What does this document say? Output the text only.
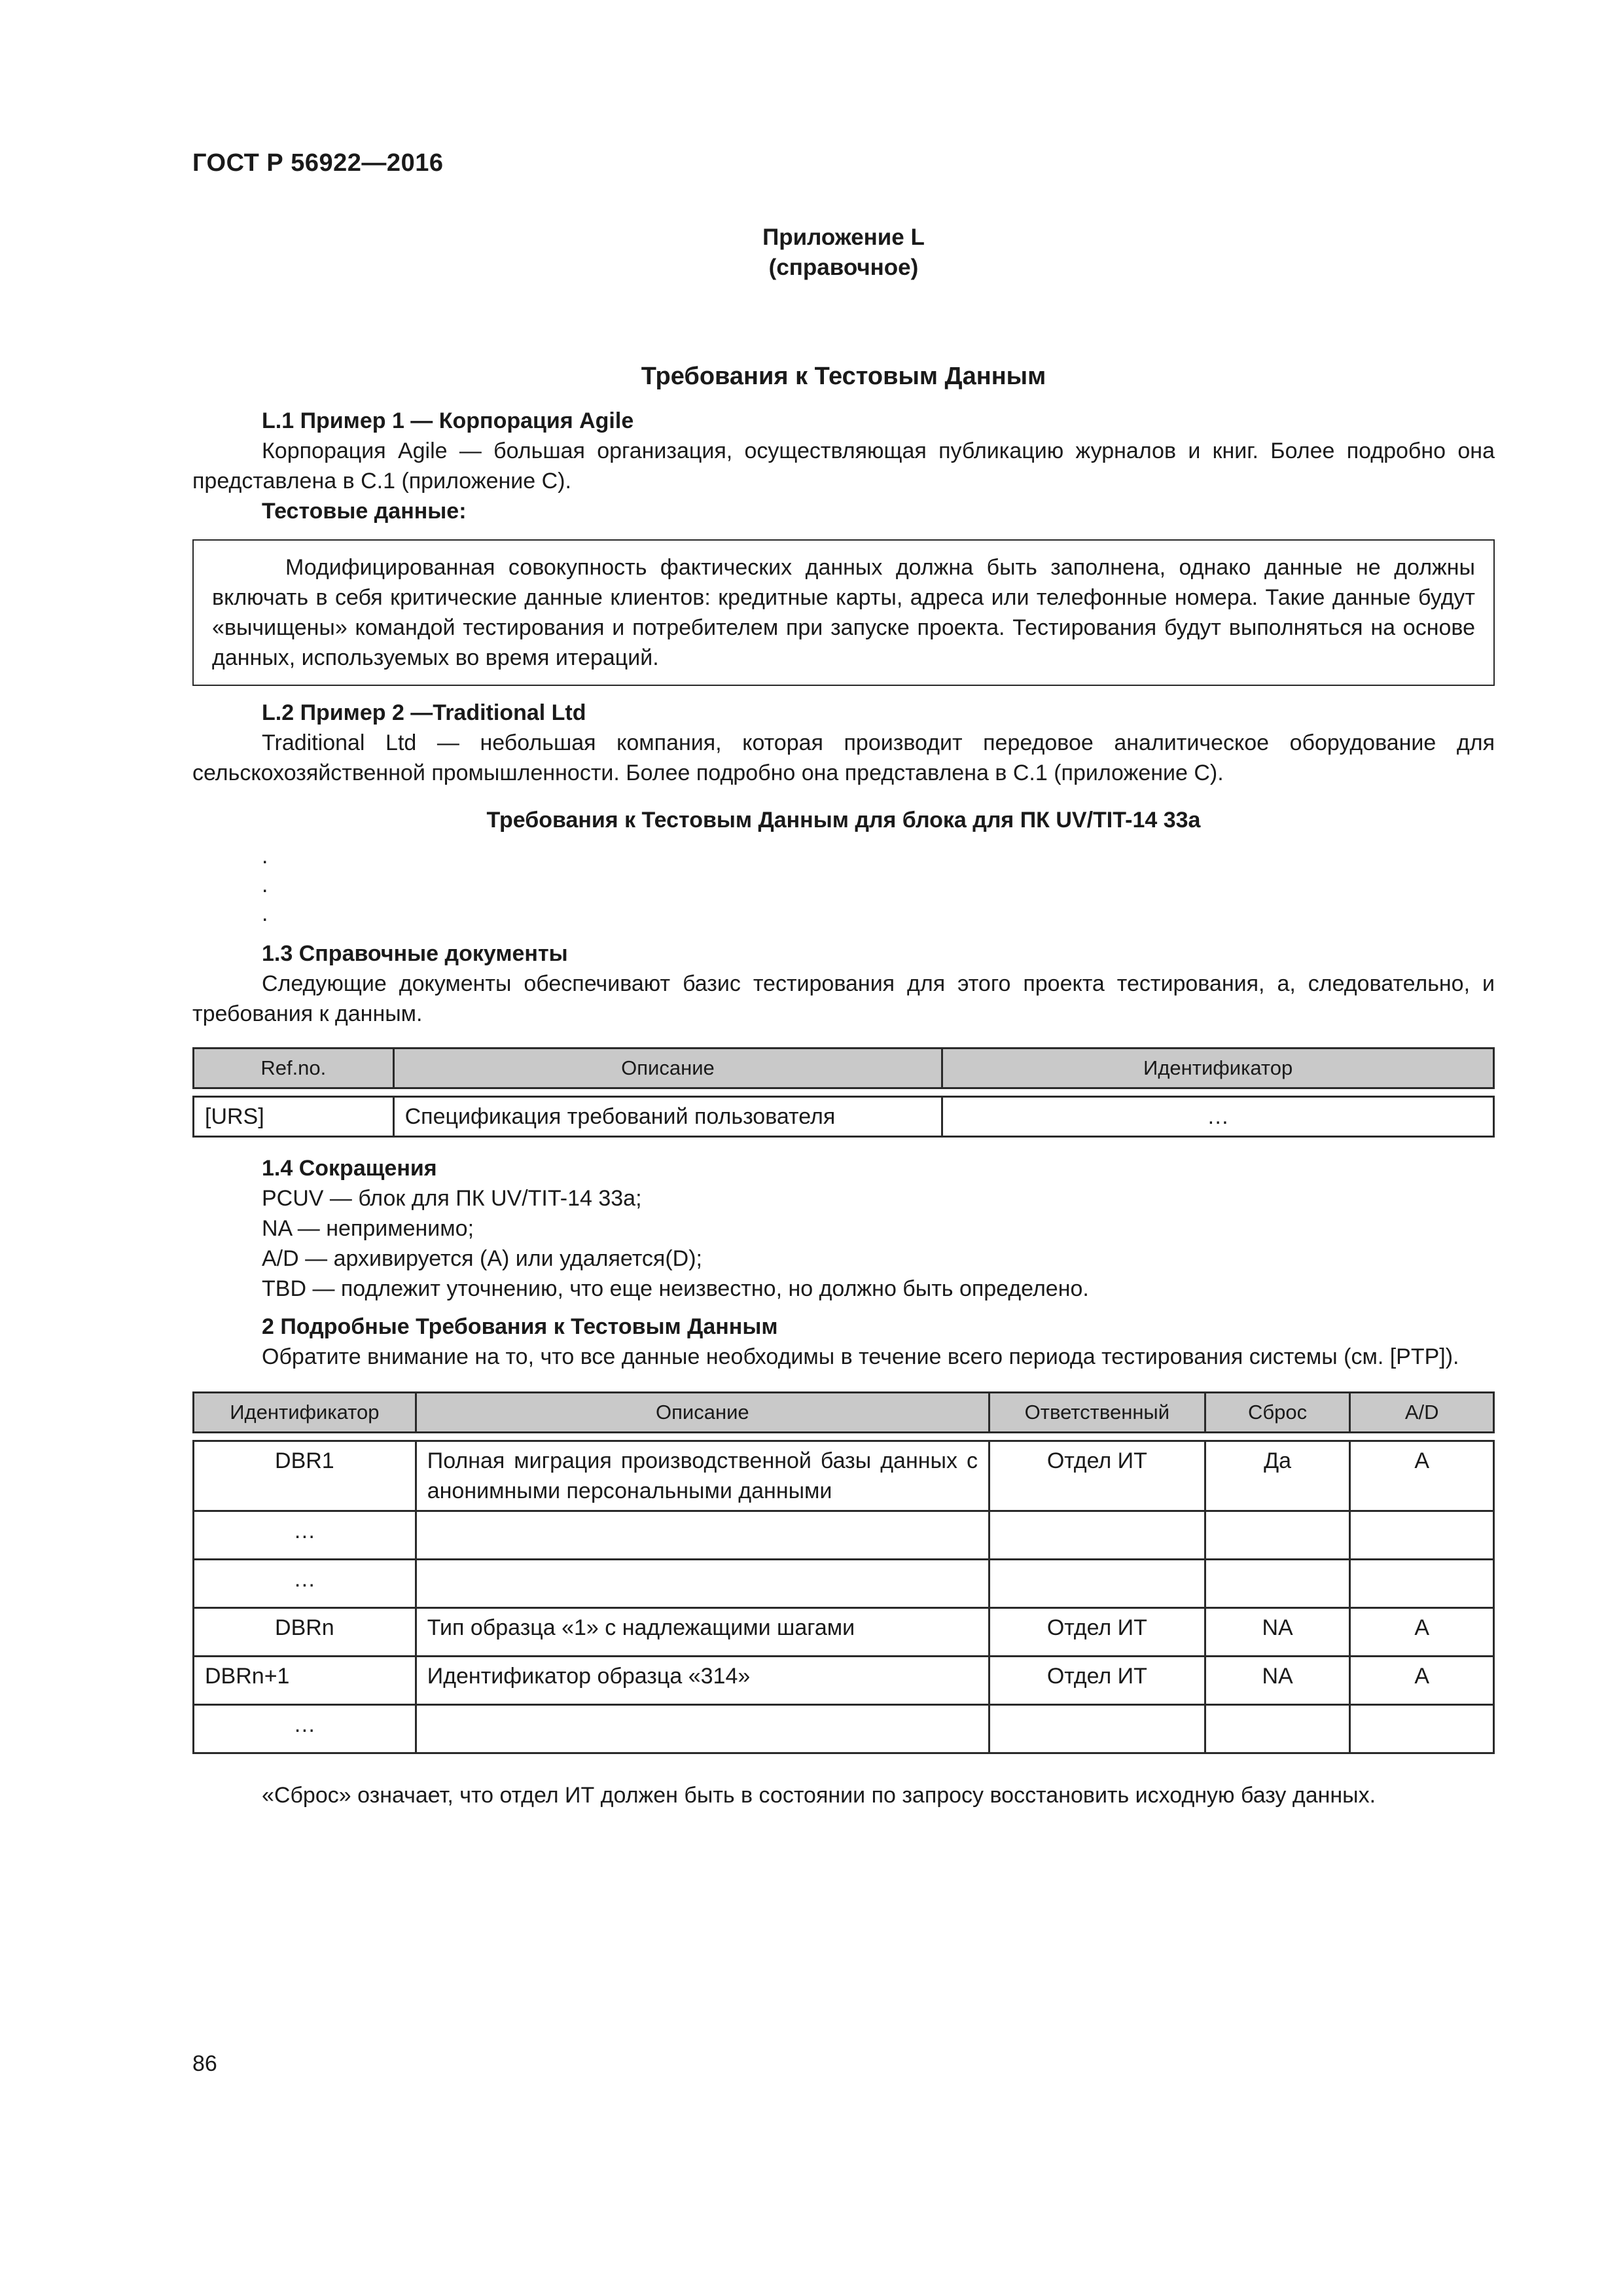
ГОСТ Р 56922—2016
Приложение L
(справочное)
Требования к Тестовым Данным
L.1 Пример 1 — Корпорация Agile
Корпорация Agile — большая организация, осуществляющая публикацию журналов и книг. Более подробно она представлена в С.1 (приложение С).
Тестовые данные:

Модифицированная совокупность фактических данных должна быть заполнена, однако данные не должны включать в себя критические данные клиентов: кредитные карты, адреса или телефонные номера. Такие данные будут «вычищены» командой тестирования и потребителем при запуске проекта. Тестирования будут выполняться на основе данных, используемых во время итераций.

L.2 Пример 2 —Traditional Ltd
Traditional Ltd — небольшая компания, которая производит передовое аналитическое оборудование для сельскохозяйственной промышленности. Более подробно она представлена в С.1 (приложение С).
Требования к Тестовым Данным для блока для ПК UV/TIT-14 33a
.
.
.
1.3 Справочные документы
Следующие документы обеспечивают базис тестирования для этого проекта тестирования, а, следовательно, и требования к данным.
Ref.no.	Описание	Идентификатор

[URS]	Спецификация требований пользователя	…
1.4 Сокращения

PCUV — блок для ПК UV/TIT-14 33a;

NA — неприменимо;

A/D — архивируется (A) или удаляется(D);

TBD — подлежит уточнению, что еще неизвестно, но должно быть определено.

2 Подробные Требования к Тестовым Данным
Обратите внимание на то, что все данные необходимы в течение всего периода тестирования системы (см. [PTP]).
Идентификатор	Описание	Ответственный	Сброс	A/D

DBR1	Полная миграция производственной базы данных с анонимными персональными данными	Отдел ИТ	Да	A
…				
…				
DBRn	Тип образца «1» с надлежащими шагами	Отдел ИТ	NA	A
DBRn+1	Идентификатор образца «314»	Отдел ИТ	NA	A
…				
«Сброс» означает, что отдел ИТ должен быть в состоянии по запросу восстановить исходную базу данных.
86
